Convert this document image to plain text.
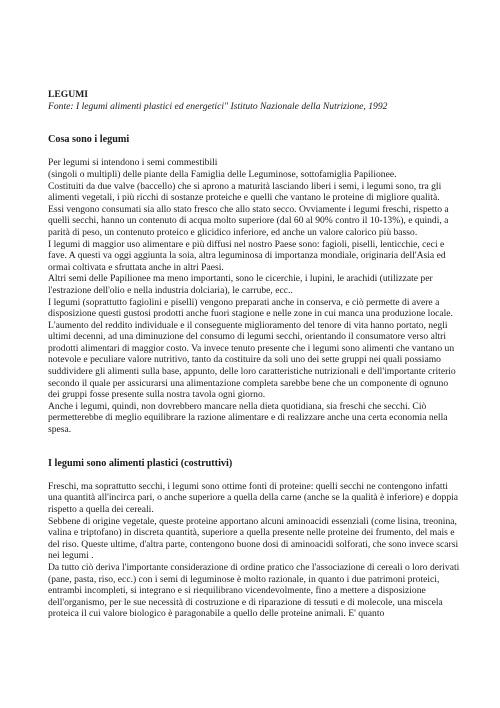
LEGUMI

Fonte: I legumi alimenti plastici ed energetici" Istituto Nazionale della Nutrizione, 1992

Cosa sono i legumi

Per legumi si intendono i semi commestibili

(singoli o multipli) delle piante della Famiglia delle Leguminose, sottofamiglia Papilionee.

Costituiti da due valve (baccello) che si aprono a maturità lasciando liberi i semi, i legumi sono, tra gli alimenti vegetali, i più ricchi di sostanze proteiche e quelli che vantano le proteine di migliore qualità.

Essi vengono consumati sia allo stato fresco che allo stato secco. Ovviamente i legumi freschi, rispetto a quelli secchi, hanno un contenuto di acqua molto superiore (dal 60 al 90% contro il 10-13%), e quindi, a parità di peso, un contenuto proteico e glicidico inferiore, ed anche un valore calorico più basso.

I legumi di maggior uso alimentare e più diffusi nel nostro Paese sono: fagioli, piselli, lenticchie, ceci e fave. A questi va oggi aggiunta la soia, altra leguminosa di importanza mondiale, originaria dell'Asia ed ormai coltivata e sfruttata anche in altri Paesi.

Altri semi delle Papilionee ma meno importanti, sono le cicerchie, i lupini, le arachidi (utilizzate per l'estrazione dell'olio e nella industria dolciaria), le carrube, ecc..

I legumi (soprattutto fagiolini e piselli) vengono preparati anche in conserva, e ciò permette di avere a disposizione questi gustosi prodotti anche fuori stagione e nelle zone in cui manca una produzione locale.

L'aumento del reddito individuale e il conseguente miglioramento del tenore di vita hanno portato, negli ultimi decenni, ad una diminuzione del consumo di legumi secchi, orientando il consumatore verso altri prodotti alimentari di maggior costo. Va invece tenuto presente che i legumi sono alimenti che vantano un notevole e peculiare valore nutritivo, tanto da costituire da soli uno dei sette gruppi nei quali possiamo suddividere gli alimenti sulla base, appunto, delle loro caratteristiche nutrizionali e dell'importante criterio secondo il quale per assicurarsi una alimentazione completa sarebbe bene che un componente di ognuno dei gruppi fosse presente sulla nostra tavola ogni giorno.

Anche i legumi, quindi, non dovrebbero mancare nella dieta quotidiana, sia freschi che secchi. Ciò permetterebbe di meglio equilibrare la razione alimentare e di realizzare anche una certa economia nella spesa.

I legumi sono alimenti plastici (costruttivi)

Freschi, ma soprattutto secchi, i legumi sono ottime fonti di proteine: quelli secchi ne contengono infatti una quantità all'incirca pari, o anche superiore a quella della carne (anche se la qualità è inferiore) e doppia rispetto a quella dei cereali.

Sebbene di origine vegetale, queste proteine apportano alcuni aminoacidi essenziali (come lisina, treonina, valina e triptofano) in discreta quantità, superiore a quella presente nelle proteine dei frumento, del mais e del riso. Queste ultime, d'altra parte, contengono buone dosi di aminoacidi solforati, che sono invece scarsi nei legumi .

Da tutto ciò deriva l'importante considerazione di ordine pratico che l'associazione di cereali o loro derivati (pane, pasta, riso, ecc.) con i semi di leguminose è molto razionale, in quanto i due patrimoni proteici, entrambi incompleti, si integrano e si riequilibrano vicendevolmente, fino a mettere a disposizione dell'organismo, per le sue necessità di costruzione e di riparazione di tessuti e di molecole, una miscela proteica il cui valore biologico è paragonabile a quello delle proteine animali. E' quanto
